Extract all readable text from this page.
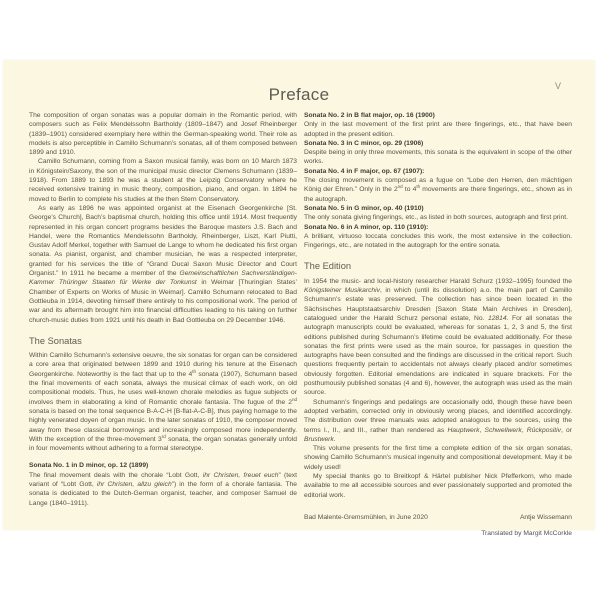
V
Preface

The composition of organ sonatas was a popular domain in the Romantic period, with composers such as Felix Mendelssohn Bartholdy (1809–1847) and Josef Rheinberger (1839–1901) considered exemplary here within the German-speaking world. Their role as models is also perceptible in Camillo Schumann’s sonatas, all of them composed between 1899 and 1910.

Camillo Schumann, coming from a Saxon musical family, was born on 10 March 1873 in Königstein/Saxony, the son of the municipal music director Clemens Schumann (1839–1918). From 1889 to 1893 he was a student at the Leipzig Conservatory where he received extensive training in music theory, composition, piano, and organ. In 1894 he moved to Berlin to complete his studies at the then Stern Conservatory.

As early as 1896 he was appointed organist at the Eisenach Georgenkirche [St. George’s Church], Bach’s baptismal church, holding this office until 1914. Most frequently represented in his organ concert programs besides the Baroque masters J.S. Bach and Handel, were the Romantics Mendelssohn Bartholdy, Rheinberger, Liszt, Karl Piutti, Gustav Adolf Merkel, together with Samuel de Lange to whom he dedicated his first organ sonata. As pianist, organist, and chamber musician, he was a respected interpreter, granted for his services the title of “Grand Ducal Saxon Music Director and Court Organist.” In 1911 he became a member of the Gemeinschaftlichen Sachverständigen-Kammer Thüringer Staaten für Werke der Tonkunst in Weimar [Thuringian States’ Chamber of Experts on Works of Music in Weimar]. Camillo Schumann relocated to Bad Gottleuba in 1914, devoting himself there entirely to his compositional work. The period of war and its aftermath brought him into financial difficulties leading to his taking on further church-music duties from 1921 until his death in Bad Gottleuba on 29 December 1946.

The Sonatas

Within Camillo Schumann’s extensive oeuvre, the six sonatas for organ can be considered a core area that originated between 1899 and 1910 during his tenure at the Eisenach Georgenkirche. Noteworthy is the fact that up to the 4th sonata (1907), Schumann based the final movements of each sonata, always the musical climax of each work, on old compositional models. Thus, he uses well-known chorale melodies as fugue subjects or involves them in elaborating a kind of Romantic chorale fantasia. The fugue of the 2nd sonata is based on the tonal sequence B-A-C-H [B-flat-A-C-B], thus paying homage to the highly venerated doyen of organ music. In the later sonatas of 1910, the composer moved away from these classical borrowings and increasingly composed more independently. With the exception of the three-movement 3rd sonata, the organ sonatas generally unfold in four movements without adhering to a formal stereotype.

Sonata No. 1 in D minor, op. 12 (1899)

The final movement deals with the chorale “Lobt Gott, ihr Christen, freuet euch” (text variant of “Lobt Gott, ihr Christen, allzu gleich”) in the form of a chorale fantasia. The sonata is dedicated to the Dutch-German organist, teacher, and composer Samuel de Lange (1840–1911).

Sonata No. 2 in B flat major, op. 16 (1900)

Only in the last movement of the first print are there fingerings, etc., that have been adopted in the present edition.

Sonata No. 3 in C minor, op. 29 (1906)

Despite being in only three movements, this sonata is the equivalent in scope of the other works.

Sonata No. 4 in F major, op. 67 (1907):

The closing movement is composed as a fugue on “Lobe den Herren, den mächtigen König der Ehren.” Only in the 2nd to 4th movements are there fingerings, etc., shown as in the autograph.

Sonata No. 5 in G minor, op. 40 (1910)

The only sonata giving fingerings, etc., as listed in both sources, autograph and first print.

Sonata No. 6 in A minor, op. 110 (1910):

A brilliant, virtuoso toccata concludes this work, the most extensive in the collection. Fingerings, etc., are notated in the autograph for the entire sonata.

The Edition

In 1954 the music- and local-history researcher Harald Schurz (1932–1995) founded the Königsteiner Musikarchiv, in which (until its dissolution) a.o. the main part of Camillo Schumann’s estate was preserved. The collection has since been located in the Sächsisches Hauptstaatsarchiv Dresden [Saxon State Main Archives in Dresden], catalogued under the Harald Schurz personal estate, No. 12814. For all sonatas the autograph manuscripts could be evaluated, whereas for sonatas 1, 2, 3 and 5, the first editions published during Schumann’s lifetime could be evaluated additionally. For these sonatas the first prints were used as the main source, for passages in question the autographs have been consulted and the findings are discussed in the critical report. Such questions frequently pertain to accidentals not always clearly placed and/or sometimes obviously forgotten. Editorial emendations are indicated in square brackets. For the posthumously published sonatas (4 and 6), however, the autograph was used as the main source.

Schumann’s fingerings and pedalings are occasionally odd, though these have been adopted verbatim, corrected only in obviously wrong places, and identified accordingly. The distribution over three manuals was adopted analogous to the sources, using the terms I., II., and III., rather than rendered as Hauptwerk, Schwellwerk, Rückpositiv, or Brustwerk.

This volume presents for the first time a complete edition of the six organ sonatas, showing Camillo Schumann’s musical ingenuity and compositional development. May it be widely used!

My special thanks go to Breitkopf & Härtel publisher Nick Pfefferkorn, who made available to me all accessible sources and ever passionately supported and promoted the editorial work.

Bad Malente-Gremsmühlen, in June 2020	Antje Wissemann
Translated by Margit McCorkle
